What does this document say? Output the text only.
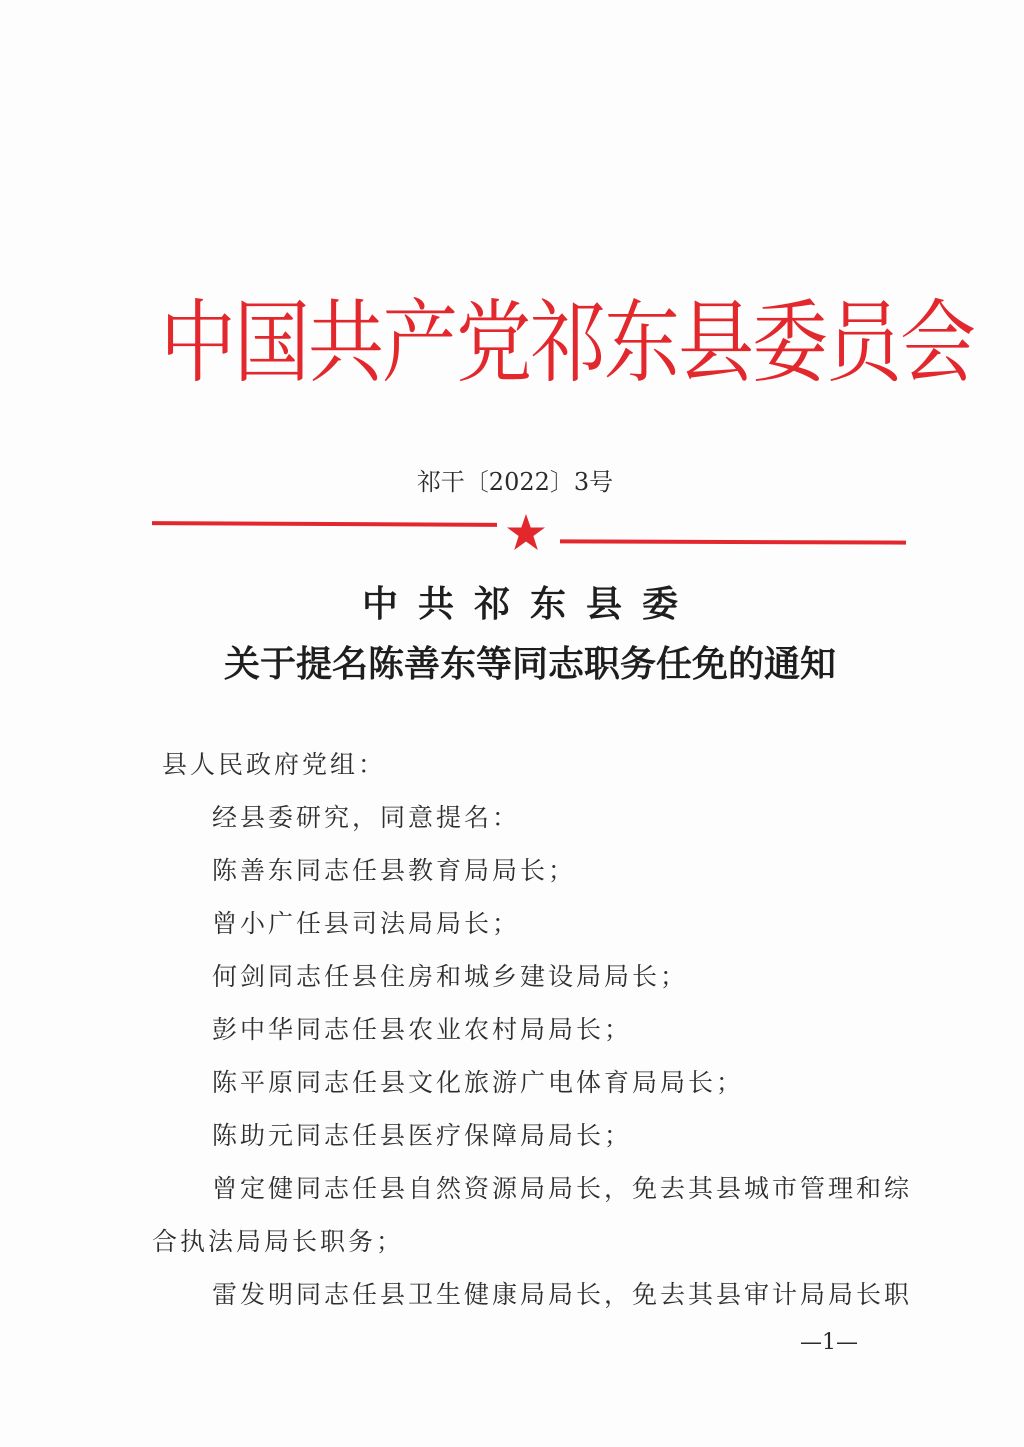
中国共产党祁东县委员会
祁干〔2022〕3号
中共祁东县委
关于提名陈善东等同志职务任免的通知
县人民政府党组：
经县委研究，同意提名：
陈善东同志任县教育局局长；
曾小广任县司法局局长；
何剑同志任县住房和城乡建设局局长；
彭中华同志任县农业农村局局长；
陈平原同志任县文化旅游广电体育局局长；
陈助元同志任县医疗保障局局长；
曾定健同志任县自然资源局局长，免去其县城市管理和综
合执法局局长职务；
雷发明同志任县卫生健康局局长，免去其县审计局局长职
—1—
